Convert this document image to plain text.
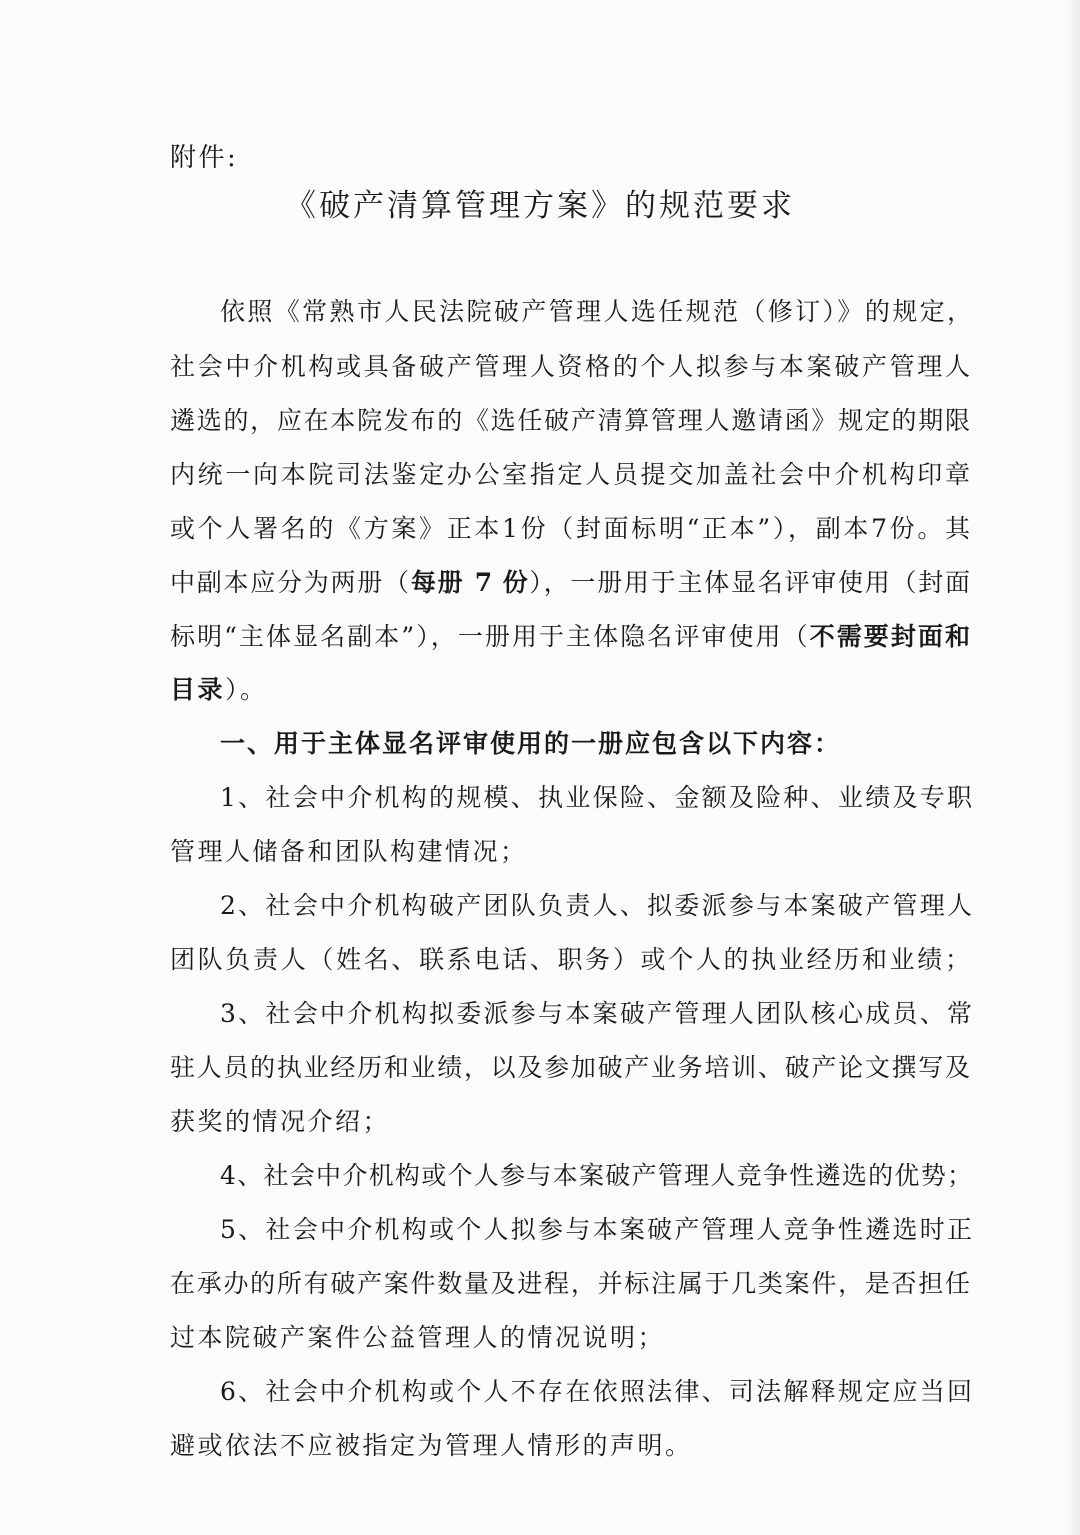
附件:
《破产清算管理方案》的规范要求
依照《常熟市人民法院破产管理人选任规范（修订）》的规定，
社会中介机构或具备破产管理人资格的个人拟参与本案破产管理人
遴选的，应在本院发布的《选任破产清算管理人邀请函》规定的期限
内统一向本院司法鉴定办公室指定人员提交加盖社会中介机构印章
或个人署名的《方案》正本1份（封面标明“正本”），副本7份。其
中副本应分为两册（每册 7 份），一册用于主体显名评审使用（封面
标明“主体显名副本”），一册用于主体隐名评审使用（不需要封面和
目录）。
一、用于主体显名评审使用的一册应包含以下内容：
1、社会中介机构的规模、执业保险、金额及险种、业绩及专职
管理人储备和团队构建情况；
2、社会中介机构破产团队负责人、拟委派参与本案破产管理人
团队负责人（姓名、联系电话、职务）或个人的执业经历和业绩；
3、社会中介机构拟委派参与本案破产管理人团队核心成员、常
驻人员的执业经历和业绩，以及参加破产业务培训、破产论文撰写及
获奖的情况介绍；
4、社会中介机构或个人参与本案破产管理人竞争性遴选的优势；
5、社会中介机构或个人拟参与本案破产管理人竞争性遴选时正
在承办的所有破产案件数量及进程，并标注属于几类案件，是否担任
过本院破产案件公益管理人的情况说明；
6、社会中介机构或个人不存在依照法律、司法解释规定应当回
避或依法不应被指定为管理人情形的声明。
